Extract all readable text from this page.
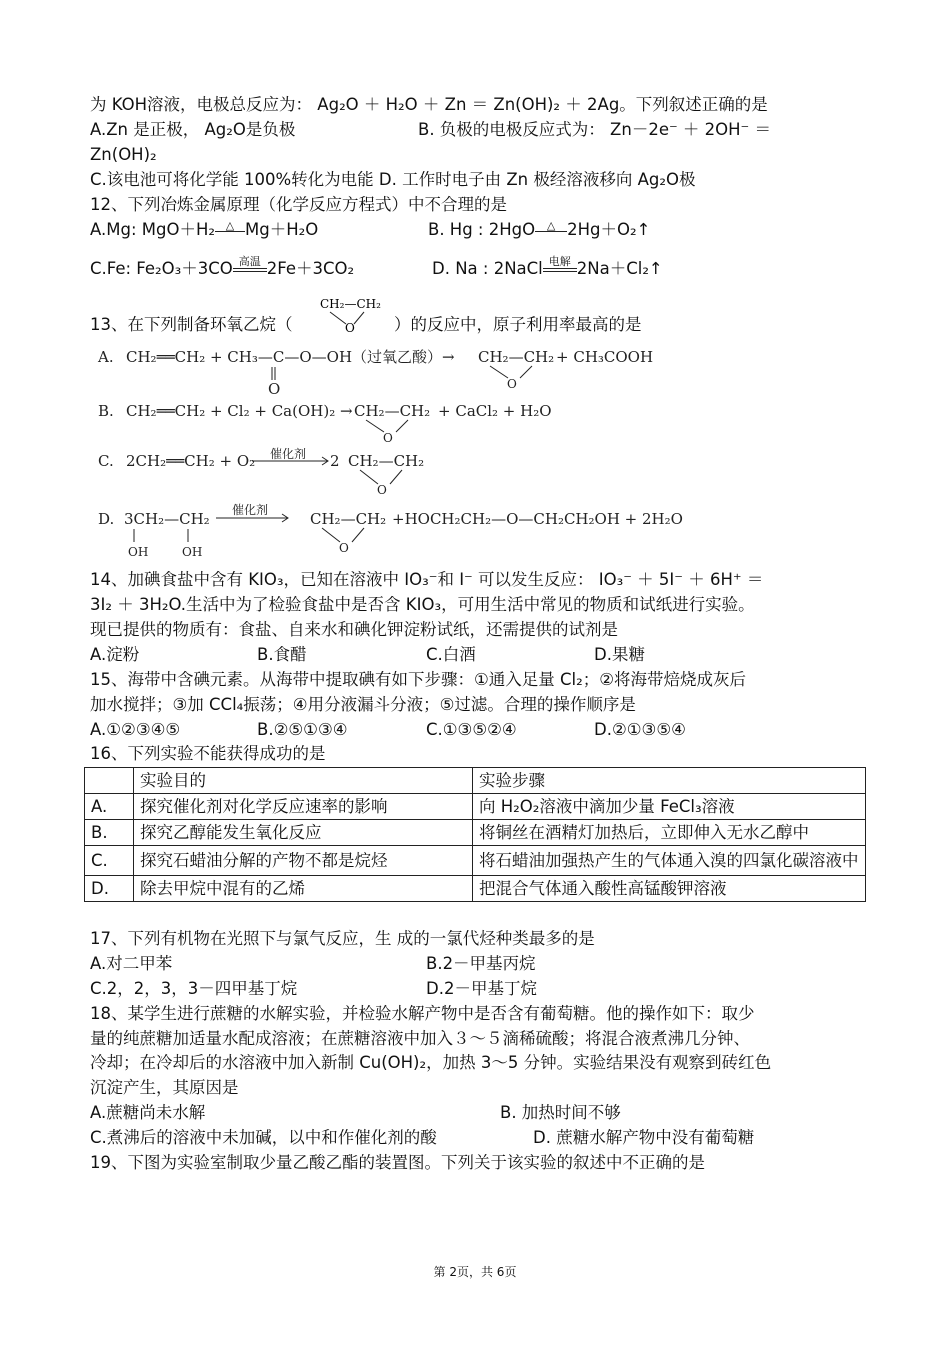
为 KOH溶液，电极总反应为： Ag₂O ＋ H₂O ＋ Zn ＝ Zn(OH)₂ ＋ 2Ag。下列叙述正确的是
A.Zn 是正极， Ag₂O是负极	B. 负极的电极反应式为： Zn－2e⁻ ＋ 2OH⁻ ＝
Zn(OH)₂
C.该电池可将化学能 100%转化为电能 D. 工作时电子由 Zn 极经溶液移向 Ag₂O极
12、下列冶炼金属原理（化学反应方程式）中不合理的是
A.Mg: MgO＋H₂ △ Mg＋H₂O	B. Hg : 2HgO △ 2Hg＋O₂↑
C.Fe: Fe₂O₃＋3CO 高温 2Fe＋3CO₂	D. Na : 2NaCl 电解 2Na＋Cl₂↑
13、在下列制备环氧乙烷（
CH₂—CH₂
O ）的反应中，原子利用率最高的是
A. CH₂══CH₂ + CH₃—C—O—OH（过氧乙酸）→
O
CH₂—CH₂
O
+ CH₃COOH
B. CH₂══CH₂ + Cl₂ + Ca(OH)₂ → CH₂—CH₂
O
+ CaCl₂ + H₂O
C. 2CH₂══CH₂ + O₂ 催化剂 2 CH₂—CH₂
O
D. 3CH₂—CH₂
OH	OH
催化剂	CH₂—CH₂
O
+HOCH₂CH₂—O—CH₂CH₂OH + 2H₂O
14、加碘食盐中含有 KIO₃，已知在溶液中 IO₃⁻和 I⁻ 可以发生反应： IO₃⁻ ＋ 5I⁻ ＋ 6H⁺ ＝
3I₂ ＋ 3H₂O.生活中为了检验食盐中是否含 KIO₃，可用生活中常见的物质和试纸进行实验。
现已提供的物质有：食盐、自来水和碘化钾淀粉试纸，还需提供的试剂是
A.淀粉	B.食醋	C.白酒	D.果糖
15、海带中含碘元素。从海带中提取碘有如下步骤：①通入足量 Cl₂；②将海带焙烧成灰后
加水搅拌；③加 CCl₄振荡；④用分液漏斗分液；⑤过滤。合理的操作顺序是
A.①②③④⑤	B.②⑤①③④	C.①③⑤②④	D.②①③⑤④
16、下列实验不能获得成功的是
	实验目的	实验步骤
A.	探究催化剂对化学反应速率的影响	向 H₂O₂溶液中滴加少量 FeCl₃溶液
B.	探究乙醇能发生氧化反应	将铜丝在酒精灯加热后，立即伸入无水乙醇中
C.	探究石蜡油分解的产物不都是烷烃	将石蜡油加强热产生的气体通入溴的四氯化碳溶液中
D.	除去甲烷中混有的乙烯	把混合气体通入酸性高锰酸钾溶液
17、下列有机物在光照下与氯气反应，生 成的一氯代烃种类最多的是
A.对二甲苯	B.2－甲基丙烷
C.2，2，3，3－四甲基丁烷	D.2－甲基丁烷
18、某学生进行蔗糖的水解实验，并检验水解产物中是否含有葡萄糖。他的操作如下：取少
量的纯蔗糖加适量水配成溶液；在蔗糖溶液中加入３～５滴稀硫酸；将混合液煮沸几分钟、
冷却；在冷却后的水溶液中加入新制 Cu(OH)₂，加热 3～5 分钟。实验结果没有观察到砖红色
沉淀产生，其原因是
A.蔗糖尚未水解	B. 加热时间不够
C.煮沸后的溶液中未加碱，以中和作催化剂的酸	D. 蔗糖水解产物中没有葡萄糖
19、下图为实验室制取少量乙酸乙酯的装置图。下列关于该实验的叙述中不正确的是
第 2页，共 6页
